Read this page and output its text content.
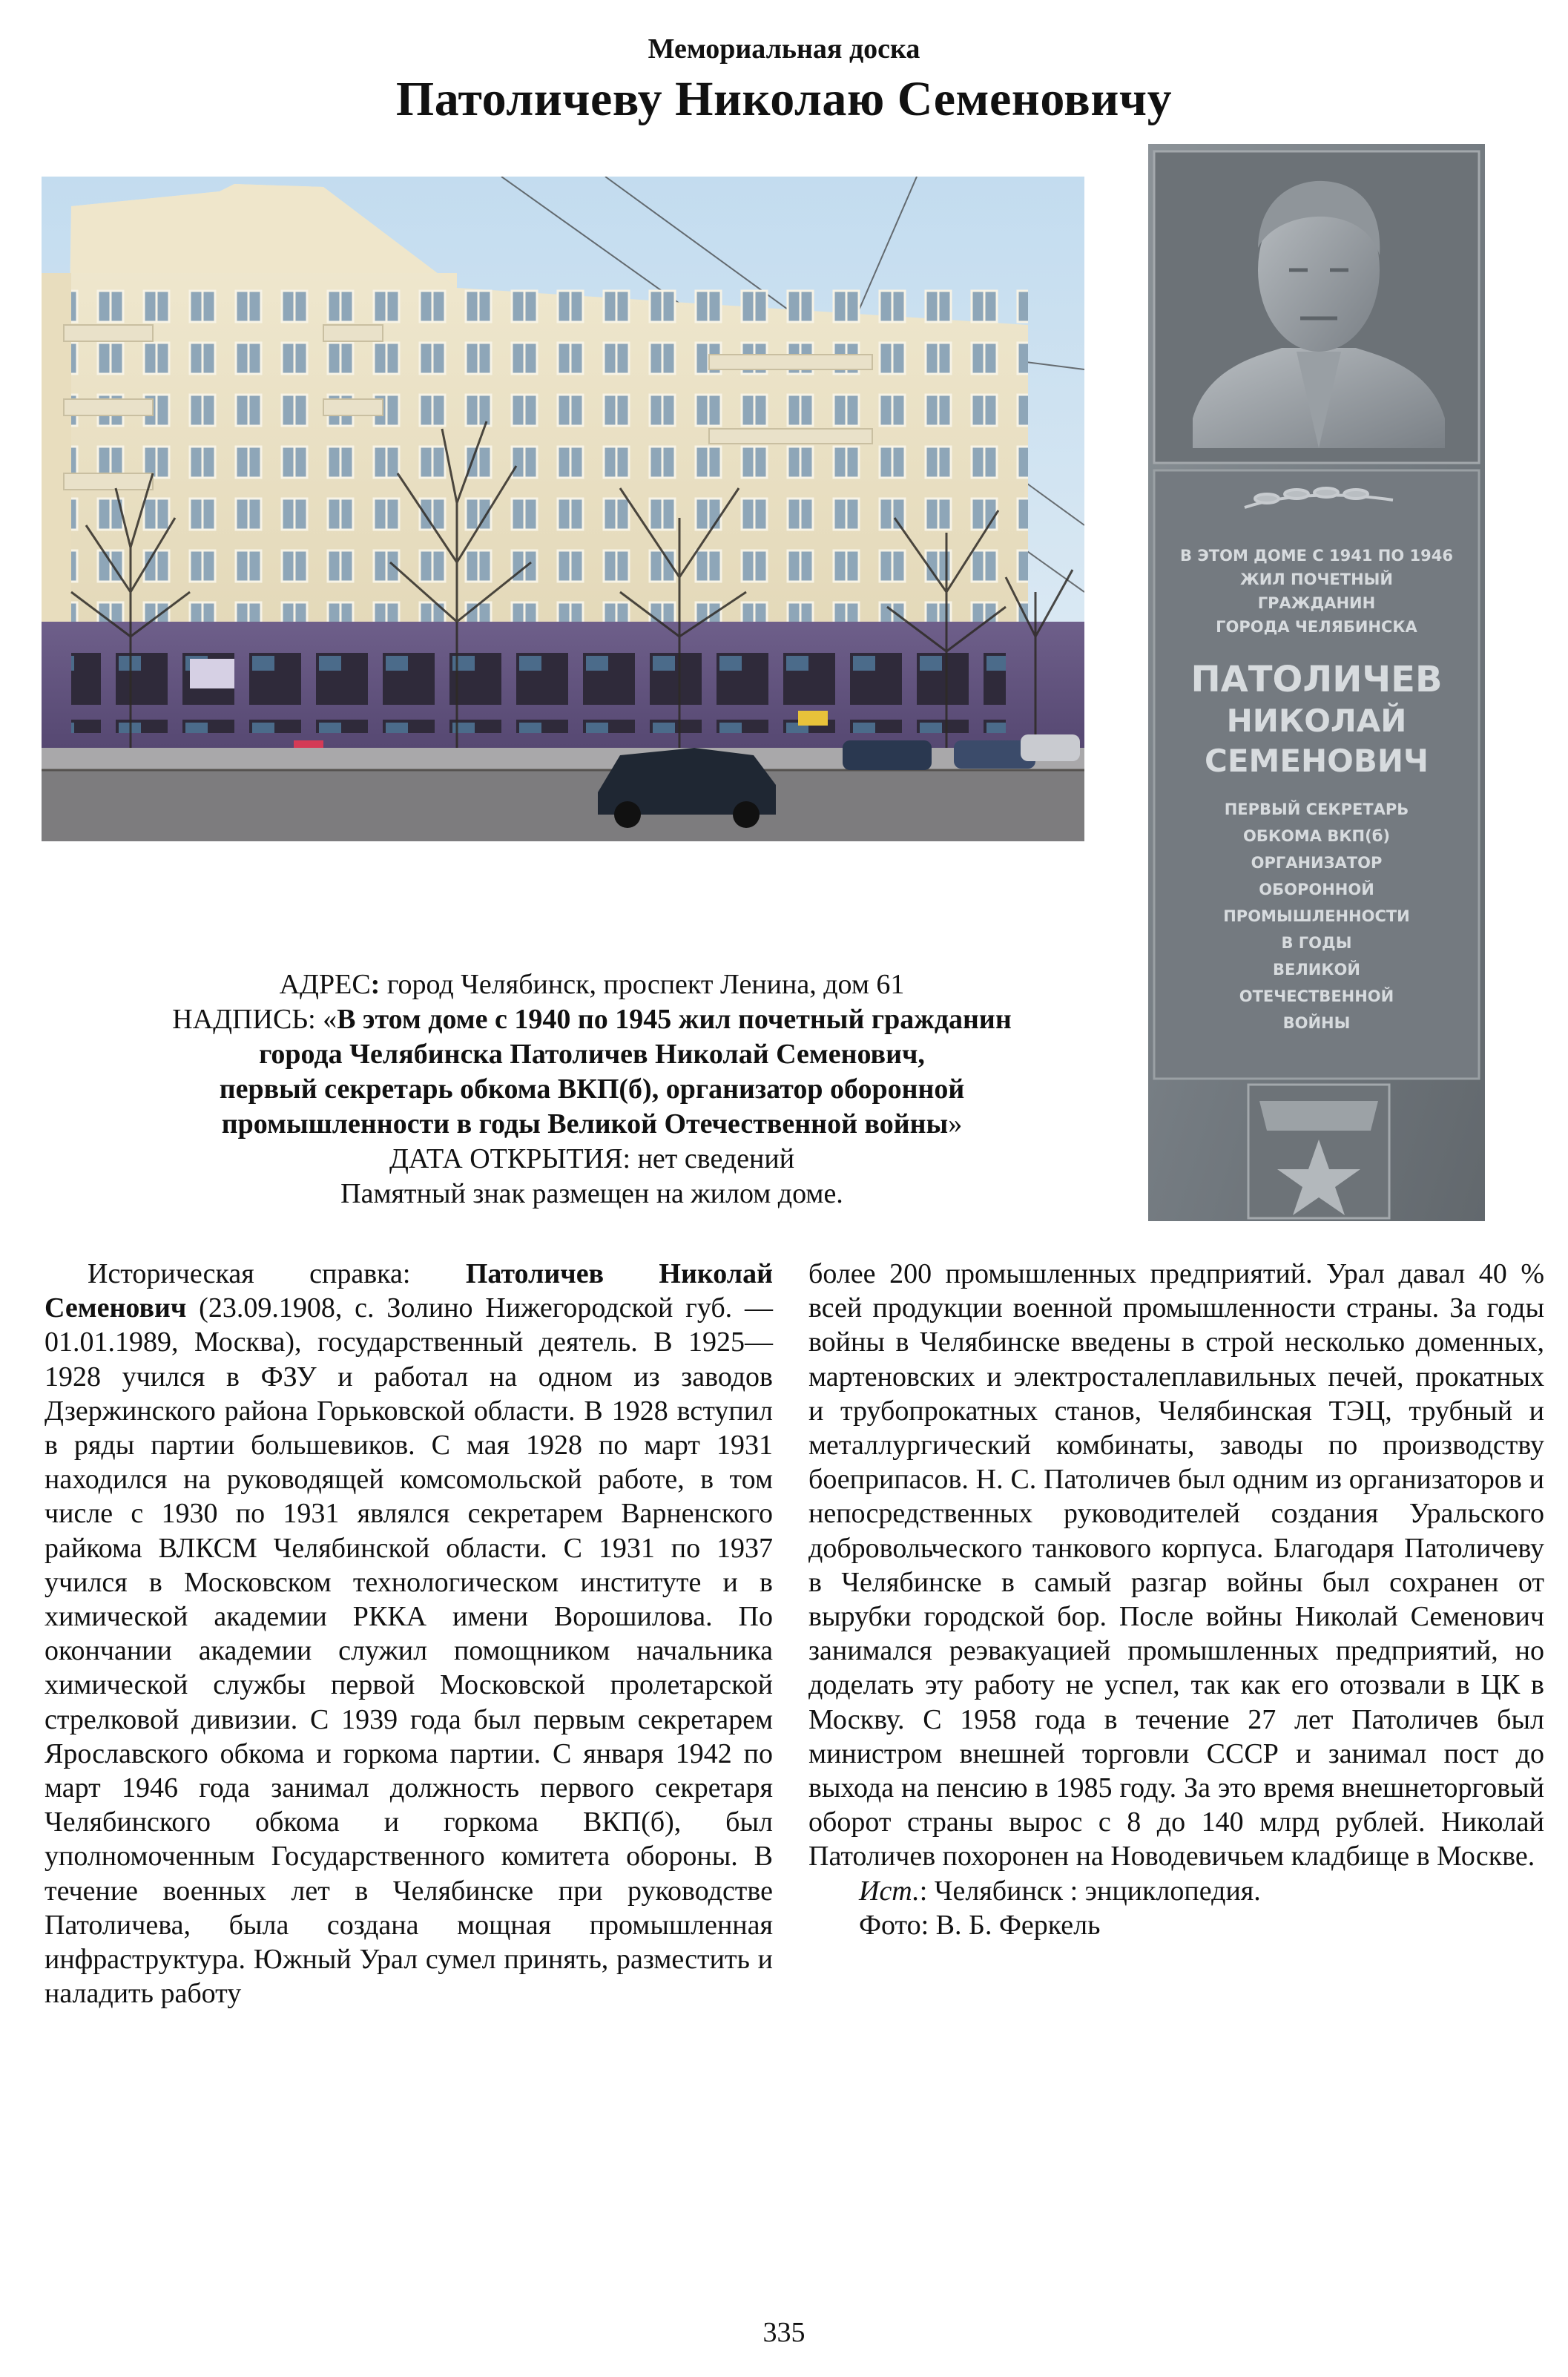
Мемориальная доска
Патоличеву Николаю Семеновичу
В ЭТОМ ДОМЕ С 1941 ПО 1946
ЖИЛ ПОЧЕТНЫЙ
ГРАЖДАНИН
ГОРОДА ЧЕЛЯБИНСКА
ПАТОЛИЧЕВ
НИКОЛАЙ
СЕМЕНОВИЧ
ПЕРВЫЙ СЕКРЕТАРЬ
ОБКОМА ВКП(б)
ОРГАНИЗАТОР
ОБОРОННОЙ
ПРОМЫШЛЕННОСТИ
В ГОДЫ
ВЕЛИКОЙ
ОТЕЧЕСТВЕННОЙ
ВОЙНЫ
АДРЕС: город Челябинск, проспект Ленина, дом 61
НАДПИСЬ: «В этом доме с 1940 по 1945 жил почетный гражданин
города Челябинска Патоличев Николай Семенович,
первый секретарь обкома ВКП(б), организатор оборонной
промышленности в годы Великой Отечественной войны»
ДАТА ОТКРЫТИЯ: нет сведений
Памятный знак размещен на жилом доме.

Историческая справка: Патоличев Николай Семенович (23.09.1908, с. Золино Нижегородской губ. — 01.01.1989, Москва), государственный деятель. В 1925—1928 учился в ФЗУ и работал на одном из заводов Дзержинского района Горьковской области. В 1928 вступил в ряды партии большевиков. С мая 1928 по март 1931 находился на руководящей комсомольской работе, в том числе с 1930 по 1931 являлся секретарем Варненского райкома ВЛКСМ Челябинской области. С 1931 по 1937 учился в Московском технологическом институте и в химической академии РККА имени Ворошилова. По окончании академии служил помощником начальника химической службы первой Московской пролетарской стрелковой дивизии. С 1939 года был первым секретарем Ярославского обкома и горкома партии. С января 1942 по март 1946 года занимал должность первого секретаря Челябинского обкома и горкома ВКП(б), был уполномоченным Государственного комитета обороны. В течение военных лет в Челябинске при руководстве Патоличева, была создана мощная промышленная инфраструктура. Южный Урал сумел принять, разместить и наладить работу

более 200 промышленных предприятий. Урал давал 40 % всей продукции военной промышленности страны. За годы войны в Челябинске введены в строй несколько доменных, мартеновских и электросталеплавильных печей, прокатных и трубопрокатных станов, Челябинская ТЭЦ, трубный и металлургический комбинаты, заводы по производству боеприпасов. Н. С. Патоличев был одним из организаторов и непосредственных руководителей создания Уральского добровольческого танкового корпуса. Благодаря Патоличеву в Челябинске в самый разгар войны был сохранен от вырубки городской бор. После войны Николай Семенович занимался реэвакуацией промышленных предприятий, но доделать эту работу не успел, так как его отозвали в ЦК в Москву. С 1958 года в течение 27 лет Патоличев был министром внешней торговли СССР и занимал пост до выхода на пенсию в 1985 году. За это время внешнеторговый оборот страны вырос с 8 до 140 млрд рублей. Николай Патоличев похоронен на Новодевичьем кладбище в Москве.

Ист.: Челябинск : энциклопедия.

Фото: В. Б. Феркель

335
